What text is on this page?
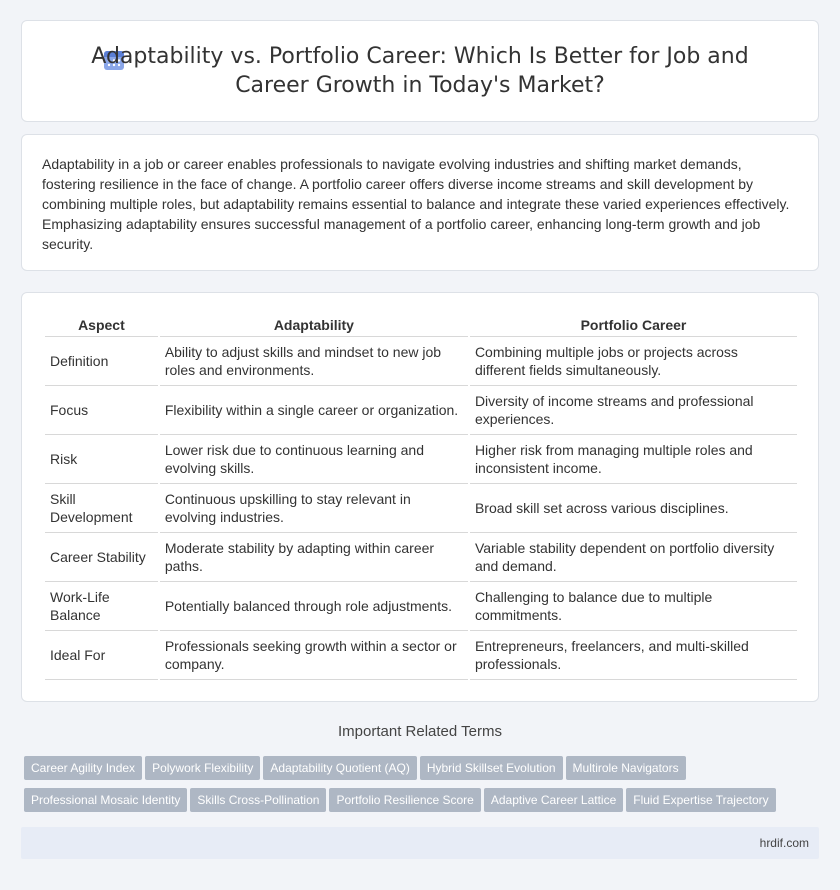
Adaptability vs. Portfolio Career: Which Is Better for Job and Career Growth in Today's Market?

Adaptability in a job or career enables professionals to navigate evolving industries and shifting market demands, fostering resilience in the face of change. A portfolio career offers diverse income streams and skill development by combining multiple roles, but adaptability remains essential to balance and integrate these varied experiences effectively. Emphasizing adaptability ensures successful management of a portfolio career, enhancing long-term growth and job security.

Aspect	Adaptability	Portfolio Career
Definition	Ability to adjust skills and mindset to new job roles and environments.	Combining multiple jobs or projects across different fields simultaneously.
Focus	Flexibility within a single career or organization.	Diversity of income streams and professional experiences.
Risk	Lower risk due to continuous learning and evolving skills.	Higher risk from managing multiple roles and inconsistent income.
Skill Development	Continuous upskilling to stay relevant in evolving industries.	Broad skill set across various disciplines.
Career Stability	Moderate stability by adapting within career paths.	Variable stability dependent on portfolio diversity and demand.
Work-Life Balance	Potentially balanced through role adjustments.	Challenging to balance due to multiple commitments.
Ideal For	Professionals seeking growth within a sector or company.	Entrepreneurs, freelancers, and multi-skilled professionals.
Important Related Terms
Career Agility Index Polywork Flexibility Adaptability Quotient (AQ) Hybrid Skillset Evolution Multirole Navigators
Professional Mosaic Identity Skills Cross-Pollination Portfolio Resilience Score Adaptive Career Lattice Fluid Expertise Trajectory
hrdif.com
